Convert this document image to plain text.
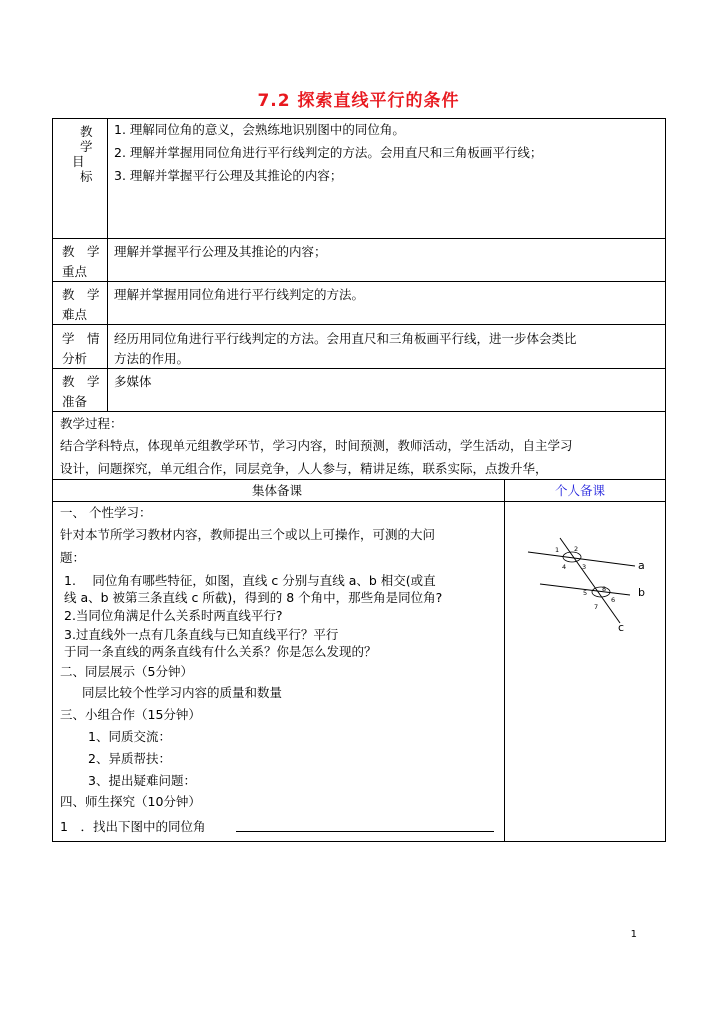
7.2 探索直线平行的条件
教
学
目
标
1. 理解同位角的意义，会熟练地识别图中的同位角。
2. 理解并掌握用同位角进行平行线判定的方法。会用直尺和三角板画平行线；
3. 理解并掌握平行公理及其推论的内容；
教　学
重点
理解并掌握平行公理及其推论的内容；
教　学
难点
理解并掌握用同位角进行平行线判定的方法。
学　情
分析
经历用同位角进行平行线判定的方法。会用直尺和三角板画平行线，进一步体会类比
方法的作用。
教　学
准备
多媒体
教学过程：
结合学科特点，体现单元组教学环节，学习内容，时间预测，教师活动，学生活动，自主学习
设计，问题探究，单元组合作，同层竞争，人人参与，精讲足练，联系实际，点拨升华，
集体备课	个人备课
一、 个性学习：
针对本节所学习教材内容，教师提出三个或以上可操作，可测的大问
题：
1.　 同位角有哪些特征，如图，直线 c 分别与直线 a、b 相交(或直
线 a、b 被第三条直线 c 所截)，得到的 8 个角中，那些角是同位角?
2.当同位角满足什么关系时两直线平行?
3.过直线外一点有几条直线与已知直线平行？平行
于同一条直线的两条直线有什么关系？你是怎么发现的？
二、同层展示（5分钟）
同层比较个性学习内容的质量和数量
三、小组合作（15分钟）
1、同质交流：
2、异质帮扶：
3、提出疑难问题：
四、师生探究（10分钟）
1　．找出下图中的同位角
1 2
3
4
5
6
7
8
a
b
c
1
